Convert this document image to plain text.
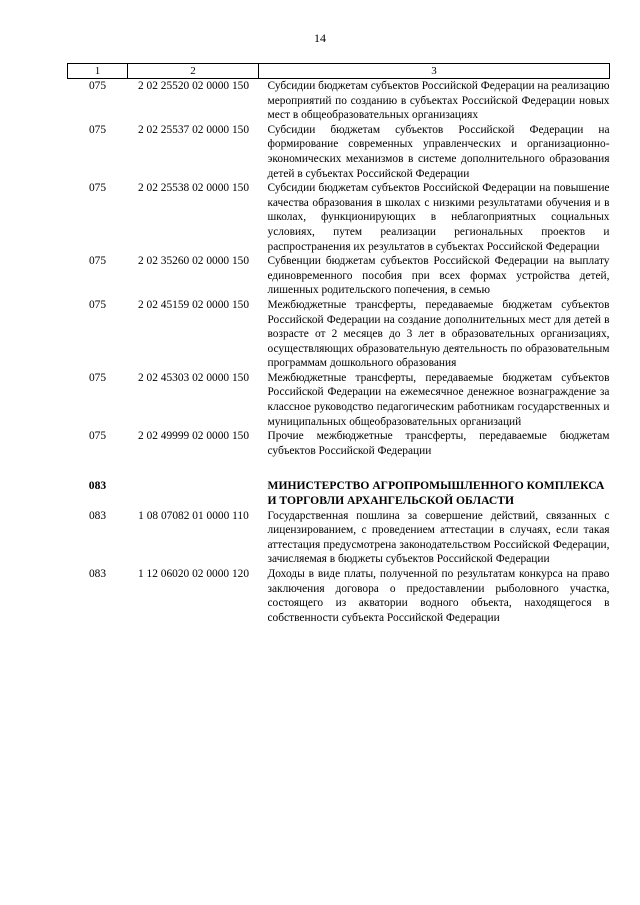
14
1	2	3
075	2 02 25520 02 0000 150	Субсидии бюджетам субъектов Российской Федерации на реализацию мероприятий по созданию в субъектах Российской Федерации новых мест в общеобразовательных организациях
075	2 02 25537 02 0000 150	Субсидии бюджетам субъектов Российской Федерации на формирование современных управленческих и организационно-экономических механизмов в системе дополнительного образования детей в субъектах Российской Федерации
075	2 02 25538 02 0000 150	Субсидии бюджетам субъектов Российской Федерации на повышение качества образования в школах с низкими результатами обучения и в школах, функционирующих в неблагоприятных социальных условиях, путем реализации региональных проектов и распространения их результатов в субъектах Российской Федерации
075	2 02 35260 02 0000 150	Субвенции бюджетам субъектов Российской Федерации на выплату единовременного пособия при всех формах устройства детей, лишенных родительского попечения, в семью
075	2 02 45159 02 0000 150	Межбюджетные трансферты, передаваемые бюджетам субъектов Российской Федерации на создание дополнительных мест для детей в возрасте от 2 месяцев до 3 лет в образовательных организациях, осуществляющих образовательную деятельность по образовательным программам дошкольного образования
075	2 02 45303 02 0000 150	Межбюджетные трансферты, передаваемые бюджетам субъектов Российской Федерации на ежемесячное денежное вознаграждение за классное руководство педагогическим работникам государственных и муниципальных общеобразовательных организаций
075	2 02 49999 02 0000 150	Прочие межбюджетные трансферты, передаваемые бюджетам субъектов Российской Федерации

083		МИНИСТЕРСТВО АГРОПРОМЫШЛЕННОГО КОМПЛЕКСА И ТОРГОВЛИ АРХАНГЕЛЬСКОЙ ОБЛАСТИ
083	1 08 07082 01 0000 110	Государственная пошлина за совершение действий, связанных с лицензированием, с проведением аттестации в случаях, если такая аттестация предусмотрена законодательством Российской Федерации, зачисляемая в бюджеты субъектов Российской Федерации
083	1 12 06020 02 0000 120	Доходы в виде платы, полученной по результатам конкурса на право заключения договора о предоставлении рыболовного участка, состоящего из акватории водного объекта, находящегося в собственности субъекта Российской Федерации
